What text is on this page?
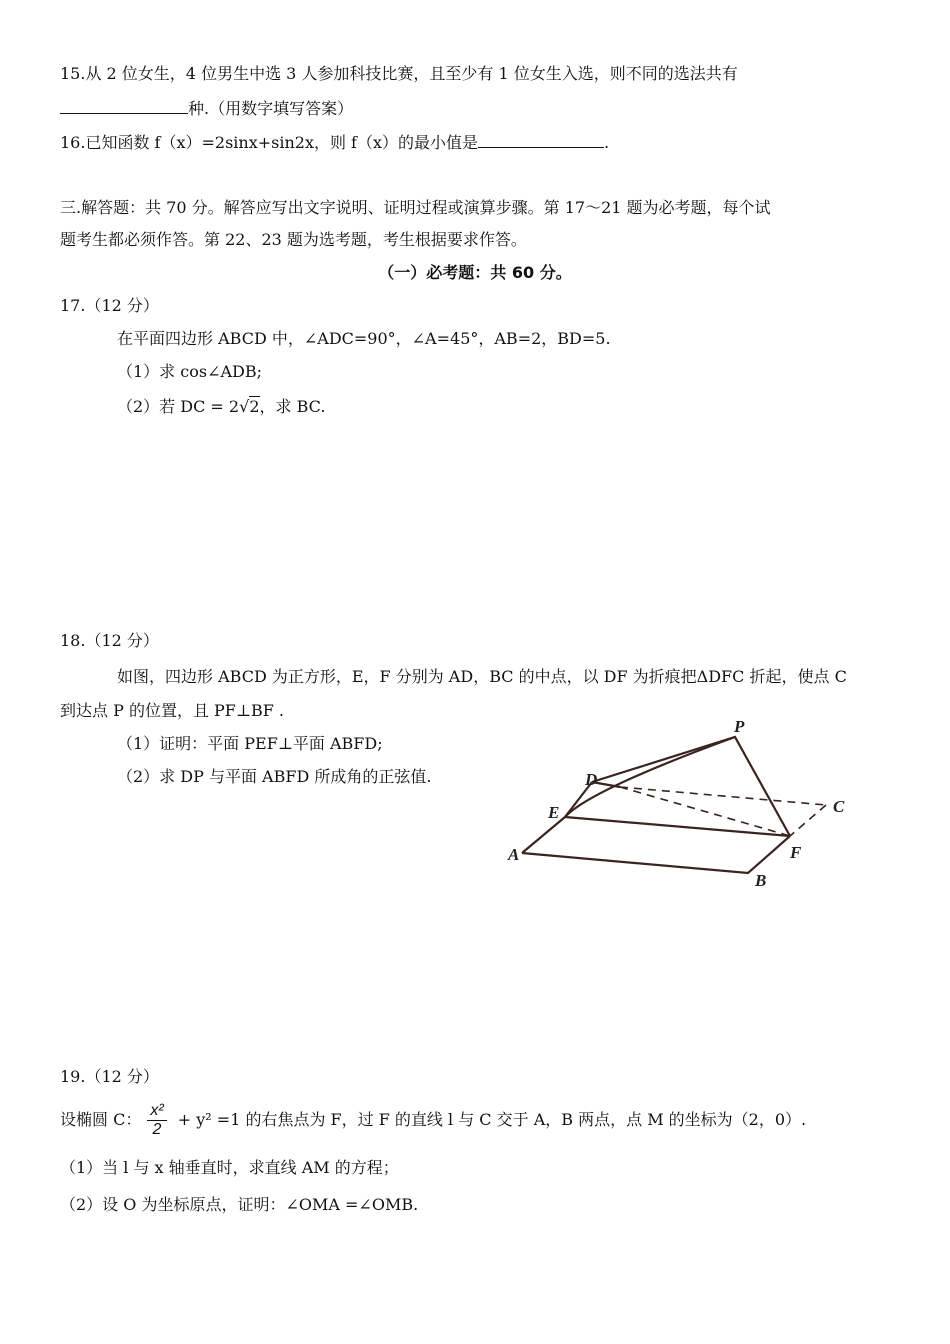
15.从 2 位女生，4 位男生中选 3 人参加科技比赛，且至少有 1 位女生入选，则不同的选法共有
种.（用数字填写答案）
16.已知函数 f（x）=2sinx+sin2x，则 f（x）的最小值是	.
三.解答题：共 70 分。解答应写出文字说明、证明过程或演算步骤。第 17～21 题为必考题，每个试
题考生都必须作答。第 22、23 题为选考题，考生根据要求作答。
（一）必考题：共 60 分。
17.（12 分）
在平面四边形 ABCD 中，∠ADC=90°，∠A=45°，AB=2，BD=5.
（1）求 cos∠ADB;
（2）若 DC = 2√2，求 BC.
18.（12 分）
如图，四边形 ABCD 为正方形，E，F 分别为 AD，BC 的中点，以 DF 为折痕把ΔDFC 折起，使点 C
到达点 P 的位置，且 PF⊥BF .
（1）证明：平面 PEF⊥平面 ABFD;
（2）求 DP 与平面 ABFD 所成角的正弦值.
P
D
C
E
F
A
B
19.（12 分）
设椭圆 C： $\frac{\text{x²}}{2} + y^2 =1$ 的右焦点为 F，过 F 的直线 l 与 C 交于 A，B 两点，点 M 的坐标为（2，0）.
（1）当 l 与 x 轴垂直时，求直线 AM 的方程；
（2）设 O 为坐标原点，证明：∠OMA =∠OMB.
